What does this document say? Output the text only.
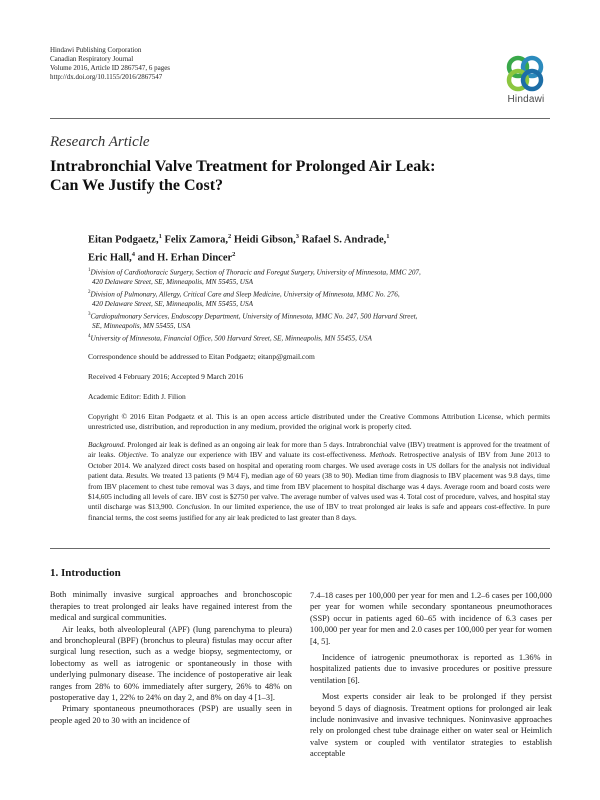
Hindawi Publishing Corporation
Canadian Respiratory Journal
Volume 2016, Article ID 2867547, 6 pages
http://dx.doi.org/10.1155/2016/2867547
Hindawi
Research Article
Intrabronchial Valve Treatment for Prolonged Air Leak:
Can We Justify the Cost?
Eitan Podgaetz,$^1$ Felix Zamora,$^2$ Heidi Gibson,$^3$ Rafael S. Andrade,$^1$
Eric Hall,$^4$ and H. Erhan Dincer$^2$
$^1$Division of Cardiothoracic Surgery, Section of Thoracic and Foregut Surgery, University of Minnesota, MMC 207,
420 Delaware Street, SE, Minneapolis, MN 55455, USA
$^2$Division of Pulmonary, Allergy, Critical Care and Sleep Medicine, University of Minnesota, MMC No. 276,
420 Delaware Street, SE, Minneapolis, MN 55455, USA
$^3$Cardiopulmonary Services, Endoscopy Department, University of Minnesota, MMC No. 247, 500 Harvard Street,
SE, Minneapolis, MN 55455, USA
$^4$University of Minnesota, Financial Office, 500 Harvard Street, SE, Minneapolis, MN 55455, USA
Correspondence should be addressed to Eitan Podgaetz; eitanp@gmail.com
Received 4 February 2016; Accepted 9 March 2016
Academic Editor: Edith J. Filion
Copyright © 2016 Eitan Podgaetz et al. This is an open access article distributed under the Creative Commons Attribution License, which permits unrestricted use, distribution, and reproduction in any medium, provided the original work is properly cited.
Background. Prolonged air leak is defined as an ongoing air leak for more than 5 days. Intrabronchial valve (IBV) treatment is approved for the treatment of air leaks. Objective. To analyze our experience with IBV and valuate its cost-effectiveness. Methods. Retrospective analysis of IBV from June 2013 to October 2014. We analyzed direct costs based on hospital and operating room charges. We used average costs in US dollars for the analysis not individual patient data. Results. We treated 13 patients (9 M/4 F), median age of 60 years (38 to 90). Median time from diagnosis to IBV placement was 9.8 days, time from IBV placement to chest tube removal was 3 days, and time from IBV placement to hospital discharge was 4 days. Average room and board costs were $14,605 including all levels of care. IBV cost is $2750 per valve. The average number of valves used was 4. Total cost of procedure, valves, and hospital stay until discharge was $13,900. Conclusion. In our limited experience, the use of IBV to treat prolonged air leaks is safe and appears cost-effective. In pure financial terms, the cost seems justified for any air leak predicted to last greater than 8 days.
1. Introduction

Both minimally invasive surgical approaches and bronchoscopic therapies to treat prolonged air leaks have regained interest from the medical and surgical communities.

Air leaks, both alveolopleural (APF) (lung parenchyma to pleura) and bronchopleural (BPF) (bronchus to pleura) fistulas may occur after surgical lung resection, such as a wedge biopsy, segmentectomy, or lobectomy as well as iatrogenic or spontaneously in those with underlying pulmonary disease. The incidence of postoperative air leak ranges from 28% to 60% immediately after surgery, 26% to 48% on postoperative day 1, 22% to 24% on day 2, and 8% on day 4 [1–3].

Primary spontaneous pneumothoraces (PSP) are usually seen in people aged 20 to 30 with an incidence of

7.4–18 cases per 100,000 per year for men and 1.2–6 cases per 100,000 per year for women while secondary spontaneous pneumothoraces (SSP) occur in patients aged 60–65 with incidence of 6.3 cases per 100,000 per year for men and 2.0 cases per 100,000 per year for women [4, 5].

Incidence of iatrogenic pneumothorax is reported as 1.36% in hospitalized patients due to invasive procedures or positive pressure ventilation [6].

Most experts consider air leak to be prolonged if they persist beyond 5 days of diagnosis. Treatment options for prolonged air leak include noninvasive and invasive techniques. Noninvasive approaches rely on prolonged chest tube drainage either on water seal or Heimlich valve system or coupled with ventilator strategies to establish acceptable
